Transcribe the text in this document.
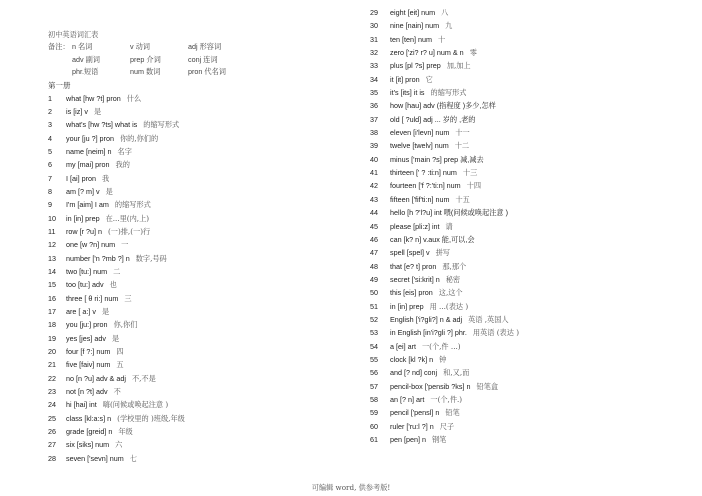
初中英语词汇表
备注： n 名词	v 动词	adj 形容词
adv 副词	prep 介词	conj 连词
phr.短语	num 数词	pron 代名词
第一册
1	what [hw ?t] pron 什么
2	is [iz] v 是
3	what's [hw ?ts] what is 的缩写形式
4	your [ju ?] pron 你的,你们的
5	name [neim] n 名字
6	my [mai] pron 我的
7	I [ai] pron 我
8	am [? m] v 是
9	I'm [aim] I am 的缩写形式
10	in [in] prep 在...里(内,上)
11	row [r ?u] n (一)排,(一)行
12	one [w ?n] num 一
13	number ['n ?mb ?] n 数字,号码
14	two [tu:] num 二
15	too [tu:] adv 也
16	three [ θ ri:] num 三
17	are [ a:] v 是
18	you [ju:] pron 你,你们
19	yes [jes] adv 是
20	four [f ?:] num 四
21	five [faiv] num 五
22	no [n ?u] adv & adj 不,不是
23	not [n ?t] adv 不
24	hi [hai] int 嗨(问候或唤起注意 )
25	class [kl:a:s] n (学校里的 )班级,年级
26	grade [greid] n 年级
27	six [siks] num 六
28	seven ['sevn] num 七
29	eight [eit] num 八
30	nine [nain] num 九
31	ten [ten] num 十
32	zero ['zi? r? u] num & n 零
33	plus [pl ?s] prep 加,加上
34	it [it] pron 它
35	it's [its] it is 的缩写形式
36	how [hau] adv (指程度 )多少,怎样
37	old [ ?uld] adj ... 岁的 ,老的
38	eleven [i'levn] num 十一
39	twelve [twelv] num 十二
40	minus ['main ?s] prep 减,减去
41	thirteen [' ? :ti:n] num 十三
42	fourteen ['f ?:'ti:n] num 十四
43	fifteen ['fif'ti:n] num 十五
44	hello [h ?'l?u] int 喂(问候或唤起注意 )
45	please [pli:z] int 请
46	can [k? n] v.aux 能,可以,会
47	spell [spel] v 拼写
48	that [e? t] pron 那,那个
49	secret ['si:krit] n 秘密
50	this [eis] pron 这,这个
51	in [in] prep 用 ...(表达 )
52	English ['i?gli?] n & adj 英语 ,英国人
53	in English [in'i?gli ?] phr. 用英语 (表达 )
54	a [ei] art 一(个,件 ...)
55	clock [kl ?k] n 钟
56	and [? nd] conj 和,又,而
57	pencil-box ['pensib ?ks] n 铅笔盒
58	an [? n] art 一(个,件.)
59	pencil ['pensl] n 铅笔
60	ruler ['ru:l ?] n 尺子
61	pen [pen] n 钢笔
可编辑 word, 供参考版!
